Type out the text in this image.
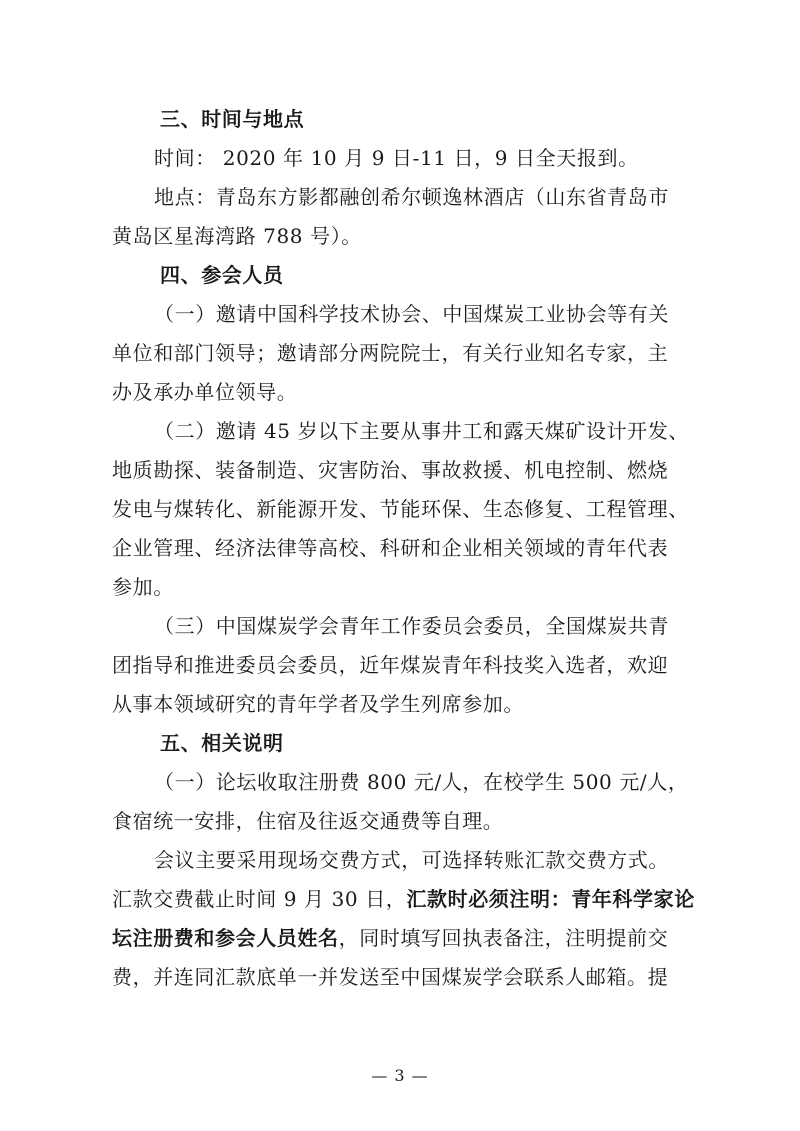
三、时间与地点
时间： 2020 年 10 月 9 日-11 日，9 日全天报到。
地点：青岛东方影都融创希尔顿逸林酒店（山东省青岛市
黄岛区星海湾路 788 号）。
四、参会人员
（一）邀请中国科学技术协会、中国煤炭工业协会等有关
单位和部门领导；邀请部分两院院士，有关行业知名专家，主
办及承办单位领导。
（二）邀请 45 岁以下主要从事井工和露天煤矿设计开发、
地质勘探、装备制造、灾害防治、事故救援、机电控制、燃烧
发电与煤转化、新能源开发、节能环保、生态修复、工程管理、
企业管理、经济法律等高校、科研和企业相关领域的青年代表
参加。
（三）中国煤炭学会青年工作委员会委员，全国煤炭共青
团指导和推进委员会委员，近年煤炭青年科技奖入选者，欢迎
从事本领域研究的青年学者及学生列席参加。
五、相关说明
（一）论坛收取注册费 800 元/人，在校学生 500 元/人，
食宿统一安排，住宿及往返交通费等自理。
会议主要采用现场交费方式，可选择转账汇款交费方式。
汇款交费截止时间 9 月 30 日，汇款时必须注明：青年科学家论
坛注册费和参会人员姓名，同时填写回执表备注，注明提前交
费，并连同汇款底单一并发送至中国煤炭学会联系人邮箱。提
— 3 —
